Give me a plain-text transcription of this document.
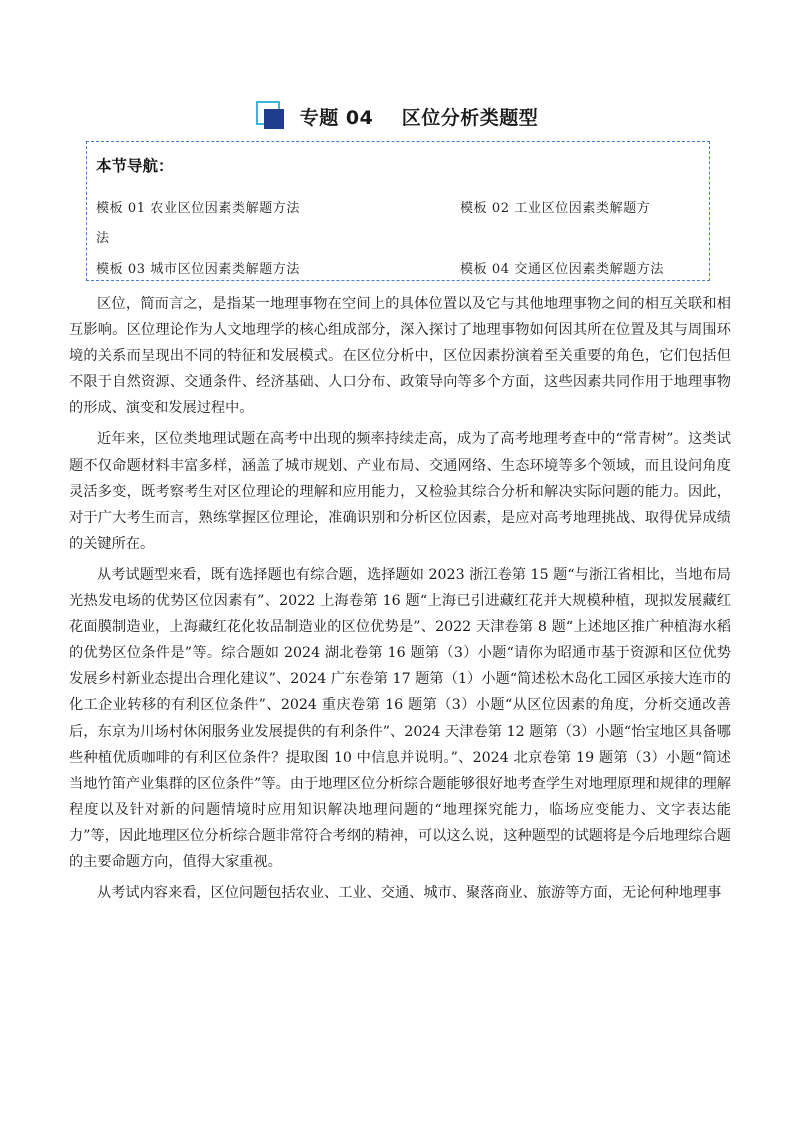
专题 04    区位分析类题型
本节导航：
模板 01 农业区位因素类解题方法	模板 02 工业区位因素类解题方
法
模板 03 城市区位因素类解题方法	模板 04 交通区位因素类解题方法

区位，简而言之，是指某一地理事物在空间上的具体位置以及它与其他地理事物之间的相互关联和相互影响。区位理论作为人文地理学的核心组成部分，深入探讨了地理事物如何因其所在位置及其与周围环境的关系而呈现出不同的特征和发展模式。在区位分析中，区位因素扮演着至关重要的角色，它们包括但不限于自然资源、交通条件、经济基础、人口分布、政策导向等多个方面，这些因素共同作用于地理事物的形成、演变和发展过程中。

近年来，区位类地理试题在高考中出现的频率持续走高，成为了高考地理考查中的“常青树”。这类试题不仅命题材料丰富多样，涵盖了城市规划、产业布局、交通网络、生态环境等多个领域，而且设问角度灵活多变，既考察考生对区位理论的理解和应用能力，又检验其综合分析和解决实际问题的能力。因此，对于广大考生而言，熟练掌握区位理论，准确识别和分析区位因素，是应对高考地理挑战、取得优异成绩的关键所在。

从考试题型来看，既有选择题也有综合题，选择题如 2023 浙江卷第 15 题“与浙江省相比，当地布局光热发电场的优势区位因素有”、2022 上海卷第 16 题“上海已引进藏红花并大规模种植，现拟发展藏红花面膜制造业，上海藏红花化妆品制造业的区位优势是”、2022 天津卷第 8 题“上述地区推广种植海水稻的优势区位条件是”等。综合题如 2024 湖北卷第 16 题第（3）小题“请你为昭通市基于资源和区位优势发展乡村新业态提出合理化建议”、2024 广东卷第 17 题第（1）小题“简述松木岛化工园区承接大连市的化工企业转移的有利区位条件”、2024 重庆卷第 16 题第（3）小题“从区位因素的角度，分析交通改善后，东京为川场村休闲服务业发展提供的有利条件”、2024 天津卷第 12 题第（3）小题“怡宝地区具备哪些种植优质咖啡的有利区位条件？提取图 10 中信息并说明。”、2024 北京卷第 19 题第（3）小题“简述当地竹笛产业集群的区位条件”等。由于地理区位分析综合题能够很好地考查学生对地理原理和规律的理解程度以及针对新的问题情境时应用知识解决地理问题的“地理探究能力，临场应变能力、文字表达能力”等，因此地理区位分析综合题非常符合考纲的精神，可以这么说，这种题型的试题将是今后地理综合题的主要命题方向，值得大家重视。

从考试内容来看，区位问题包括农业、工业、交通、城市、聚落商业、旅游等方面，无论何种地理事
